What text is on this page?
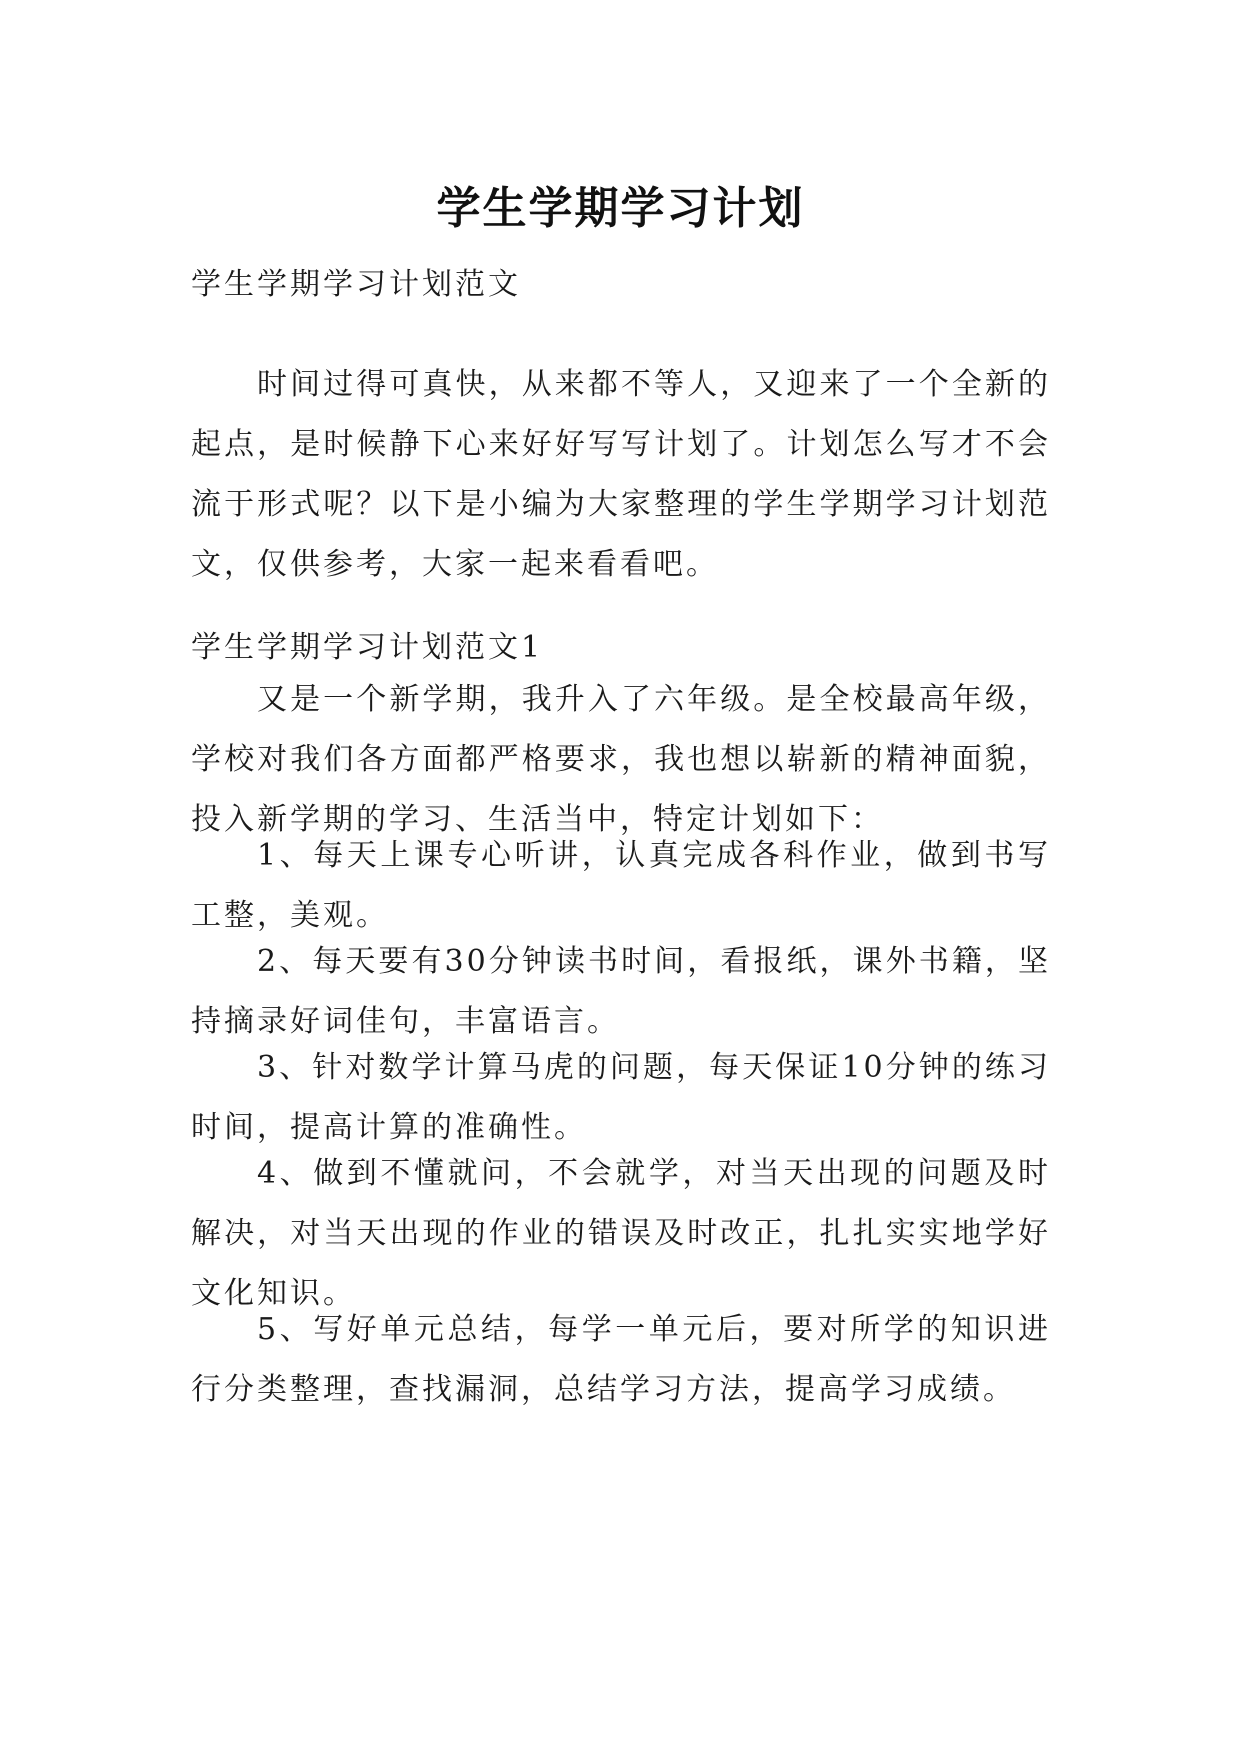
学生学期学习计划

学生学期学习计划范文

时间过得可真快，从来都不等人，又迎来了一个全新的起点，是时候静下心来好好写写计划了。计划怎么写才不会流于形式呢？以下是小编为大家整理的学生学期学习计划范文，仅供参考，大家一起来看看吧。

学生学期学习计划范文1

又是一个新学期，我升入了六年级。是全校最高年级，学校对我们各方面都严格要求，我也想以崭新的精神面貌，投入新学期的学习、生活当中，特定计划如下：

1、每天上课专心听讲，认真完成各科作业，做到书写工整，美观。

2、每天要有30分钟读书时间，看报纸，课外书籍，坚持摘录好词佳句，丰富语言。

3、针对数学计算马虎的问题，每天保证10分钟的练习时间，提高计算的准确性。

4、做到不懂就问，不会就学，对当天出现的问题及时解决，对当天出现的作业的错误及时改正，扎扎实实地学好文化知识。

5、写好单元总结，每学一单元后，要对所学的知识进行分类整理，查找漏洞，总结学习方法，提高学习成绩。
